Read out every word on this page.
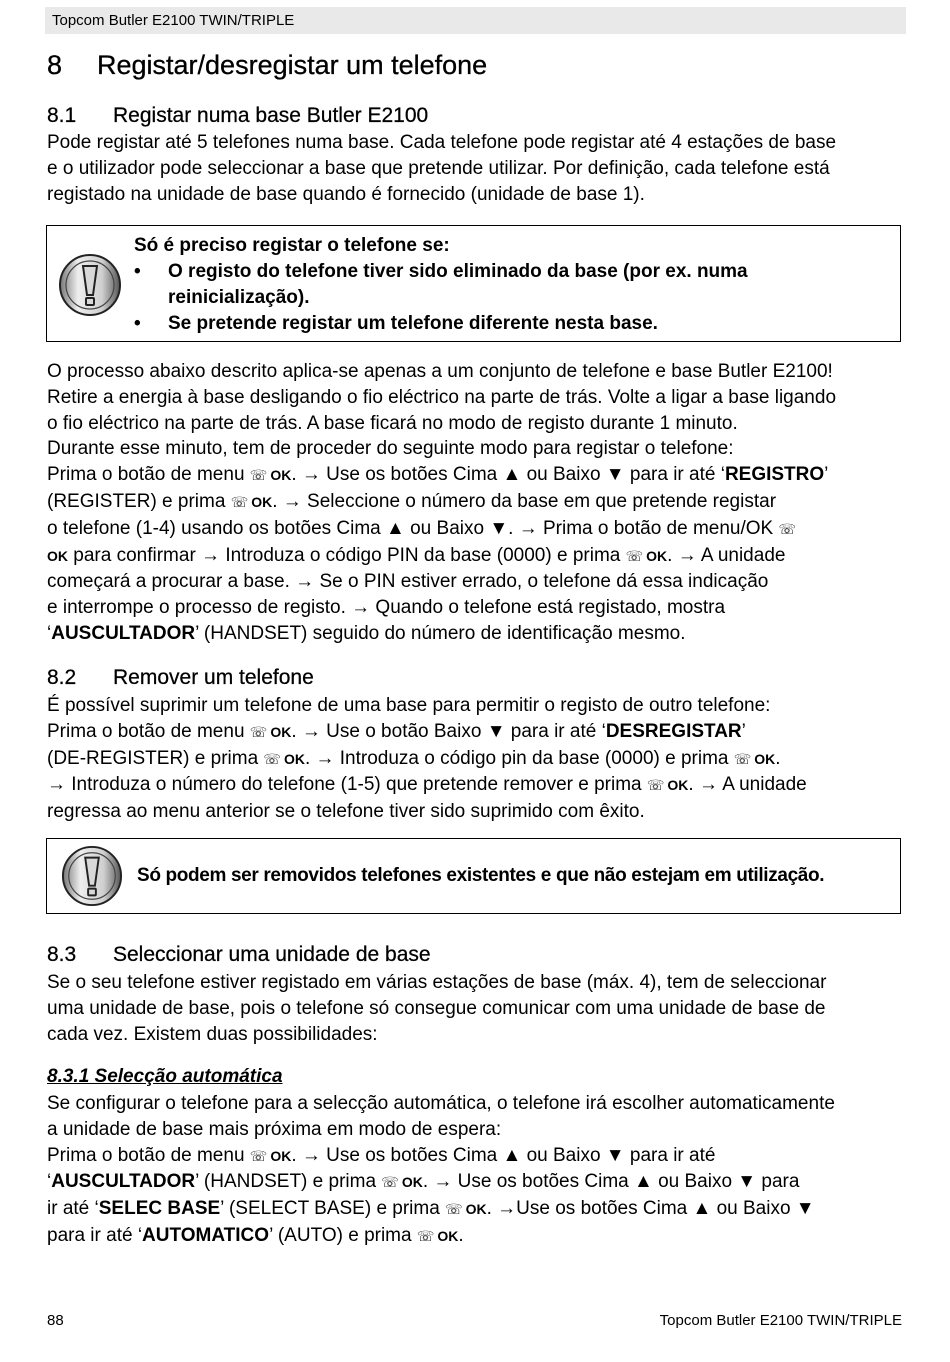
Topcom Butler E2100 TWIN/TRIPLE
8 Registar/desregistar um telefone
8.1 Registar numa base Butler E2100
Pode registar até 5 telefones numa base. Cada telefone pode registar até 4 estações de base
e o utilizador pode seleccionar a base que pretende utilizar. Por definição, cada telefone está
registado na unidade de base quando é fornecido (unidade de base 1).
Só é preciso registar o telefone se:
• O registo do telefone tiver sido eliminado da base (por ex. numa
reinicialização).
• Se pretende registar um telefone diferente nesta base.
O processo abaixo descrito aplica-se apenas a um conjunto de telefone e base Butler E2100!
Retire a energia à base desligando o fio eléctrico na parte de trás. Volte a ligar a base ligando
o fio eléctrico na parte de trás. A base ficará no modo de registo durante 1 minuto.
Durante esse minuto, tem de proceder do seguinte modo para registar o telefone:
Prima o botão de menu ☏ OK. → Use os botões Cima ▲ ou Baixo ▼ para ir até ‘REGISTRO’
(REGISTER) e prima ☏ OK. → Seleccione o número da base em que pretende registar
o telefone (1-4) usando os botões Cima ▲ ou Baixo ▼. → Prima o botão de menu/OK ☏
OK para confirmar → Introduza o código PIN da base (0000) e prima ☏ OK. → A unidade
começará a procurar a base. → Se o PIN estiver errado, o telefone dá essa indicação
e interrompe o processo de registo. → Quando o telefone está registado, mostra
‘AUSCULTADOR’ (HANDSET) seguido do número de identificação mesmo.
8.2 Remover um telefone
É possível suprimir um telefone de uma base para permitir o registo de outro telefone:
Prima o botão de menu ☏ OK. → Use o botão Baixo ▼ para ir até ‘DESREGISTAR’
(DE-REGISTER) e prima ☏ OK. → Introduza o código pin da base (0000) e prima ☏ OK.
→ Introduza o número do telefone (1-5) que pretende remover e prima ☏ OK. → A unidade
regressa ao menu anterior se o telefone tiver sido suprimido com êxito.
Só podem ser removidos telefones existentes e que não estejam em utilização.
8.3 Seleccionar uma unidade de base
Se o seu telefone estiver registado em várias estações de base (máx. 4), tem de seleccionar
uma unidade de base, pois o telefone só consegue comunicar com uma unidade de base de
cada vez. Existem duas possibilidades:
8.3.1 Selecção automática
Se configurar o telefone para a selecção automática, o telefone irá escolher automaticamente
a unidade de base mais próxima em modo de espera:
Prima o botão de menu ☏ OK. → Use os botões Cima ▲ ou Baixo ▼ para ir até
‘AUSCULTADOR’ (HANDSET) e prima ☏ OK. → Use os botões Cima ▲ ou Baixo ▼ para
ir até ‘SELEC BASE’ (SELECT BASE) e prima ☏ OK. →Use os botões Cima ▲ ou Baixo ▼
para ir até ‘AUTOMATICO’ (AUTO) e prima ☏ OK.
88	Topcom Butler E2100 TWIN/TRIPLE
